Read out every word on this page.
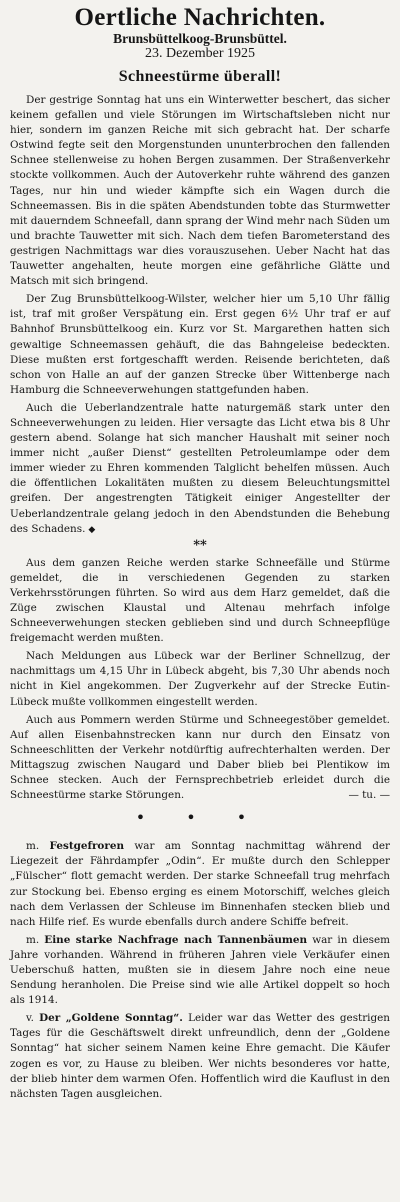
Oertliche Nachrichten.
Brunsbüttelkoog-Brunsbüttel.
23. Dezember 1925
Schneestürme überall!

Der gestrige Sonntag hat uns ein Winterwetter beschert, das sicher keinem gefallen und viele Störungen im Wirtschaftsleben nicht nur hier, sondern im ganzen Reiche mit sich gebracht hat. Der scharfe Ostwind fegte seit den Morgenstunden ununterbrochen den fallenden Schnee stellenweise zu hohen Bergen zusammen. Der Straßenverkehr stockte vollkommen. Auch der Autoverkehr ruhte während des ganzen Tages, nur hin und wieder kämpfte sich ein Wagen durch die Schneemassen. Bis in die späten Abendstunden tobte das Sturmwetter mit dauerndem Schneefall, dann sprang der Wind mehr nach Süden um und brachte Tauwetter mit sich. Nach dem tiefen Barometerstand des gestrigen Nachmittags war dies vorauszusehen. Ueber Nacht hat das Tauwetter angehalten, heute morgen eine gefährliche Glätte und Matsch mit sich bringend.

Der Zug Brunsbüttelkoog-Wilster, welcher hier um 5,10 Uhr fällig ist, traf mit großer Verspätung ein. Erst gegen 6½ Uhr traf er auf Bahnhof Brunsbüttelkoog ein. Kurz vor St. Margarethen hatten sich gewaltige Schneemassen gehäuft, die das Bahngeleise bedeckten. Diese mußten erst fortgeschafft werden. Reisende berichteten, daß schon von Halle an auf der ganzen Strecke über Wittenberge nach Hamburg die Schneeverwehungen stattgefunden haben.

Auch die Ueberlandzentrale hatte naturgemäß stark unter den Schneeverwehungen zu leiden. Hier versagte das Licht etwa bis 8 Uhr gestern abend. Solange hat sich mancher Haushalt mit seiner noch immer nicht „außer Dienst“ gestellten Petroleumlampe oder dem immer wieder zu Ehren kommenden Talglicht behelfen müssen. Auch die öffentlichen Lokalitäten mußten zu diesem Beleuchtungsmittel greifen. Der angestrengten Tätigkeit einiger Angestellter der Ueberlandzentrale gelang jedoch in den Abendstunden die Behebung des Schadens. ◆

**

Aus dem ganzen Reiche werden starke Schneefälle und Stürme gemeldet, die in verschiedenen Gegenden zu starken Verkehrsstörungen führten. So wird aus dem Harz gemeldet, daß die Züge zwischen Klaustal und Altenau mehrfach infolge Schneeverwehungen stecken geblieben sind und durch Schneepflüge freigemacht werden mußten.

Nach Meldungen aus Lübeck war der Berliner Schnellzug, der nachmittags um 4,15 Uhr in Lübeck abgeht, bis 7,30 Uhr abends noch nicht in Kiel angekommen. Der Zugverkehr auf der Strecke Eutin-Lübeck mußte vollkommen eingestellt werden.

Auch aus Pommern werden Stürme und Schneegestöber gemeldet. Auf allen Eisenbahnstrecken kann nur durch den Einsatz von Schneeschlitten der Verkehr notdürftig aufrechterhalten werden. Der Mittagszug zwischen Naugard und Daber blieb bei Plentikow im Schnee stecken. Auch der Fernsprechbetrieb erleidet durch die Schneestürme starke Störungen.	— tu. —

• • •

m. Festgefroren war am Sonntag nachmittag während der Liegezeit der Fährdampfer „Odin“. Er mußte durch den Schlepper „Fülscher“ flott gemacht werden. Der starke Schneefall trug mehrfach zur Stockung bei. Ebenso erging es einem Motorschiff, welches gleich nach dem Verlassen der Schleuse im Binnenhafen stecken blieb und nach Hilfe rief. Es wurde ebenfalls durch andere Schiffe befreit.

m. Eine starke Nachfrage nach Tannenbäumen war in diesem Jahre vorhanden. Während in früheren Jahren viele Verkäufer einen Ueberschuß hatten, mußten sie in diesem Jahre noch eine neue Sendung heranholen. Die Preise sind wie alle Artikel doppelt so hoch als 1914.

v. Der „Goldene Sonntag“. Leider war das Wetter des gestrigen Tages für die Geschäftswelt direkt unfreundlich, denn der „Goldene Sonntag“ hat sicher seinem Namen keine Ehre gemacht. Die Käufer zogen es vor, zu Hause zu bleiben. Wer nichts besonderes vor hatte, der blieb hinter dem warmen Ofen. Hoffentlich wird die Kauflust in den nächsten Tagen ausgleichen.
